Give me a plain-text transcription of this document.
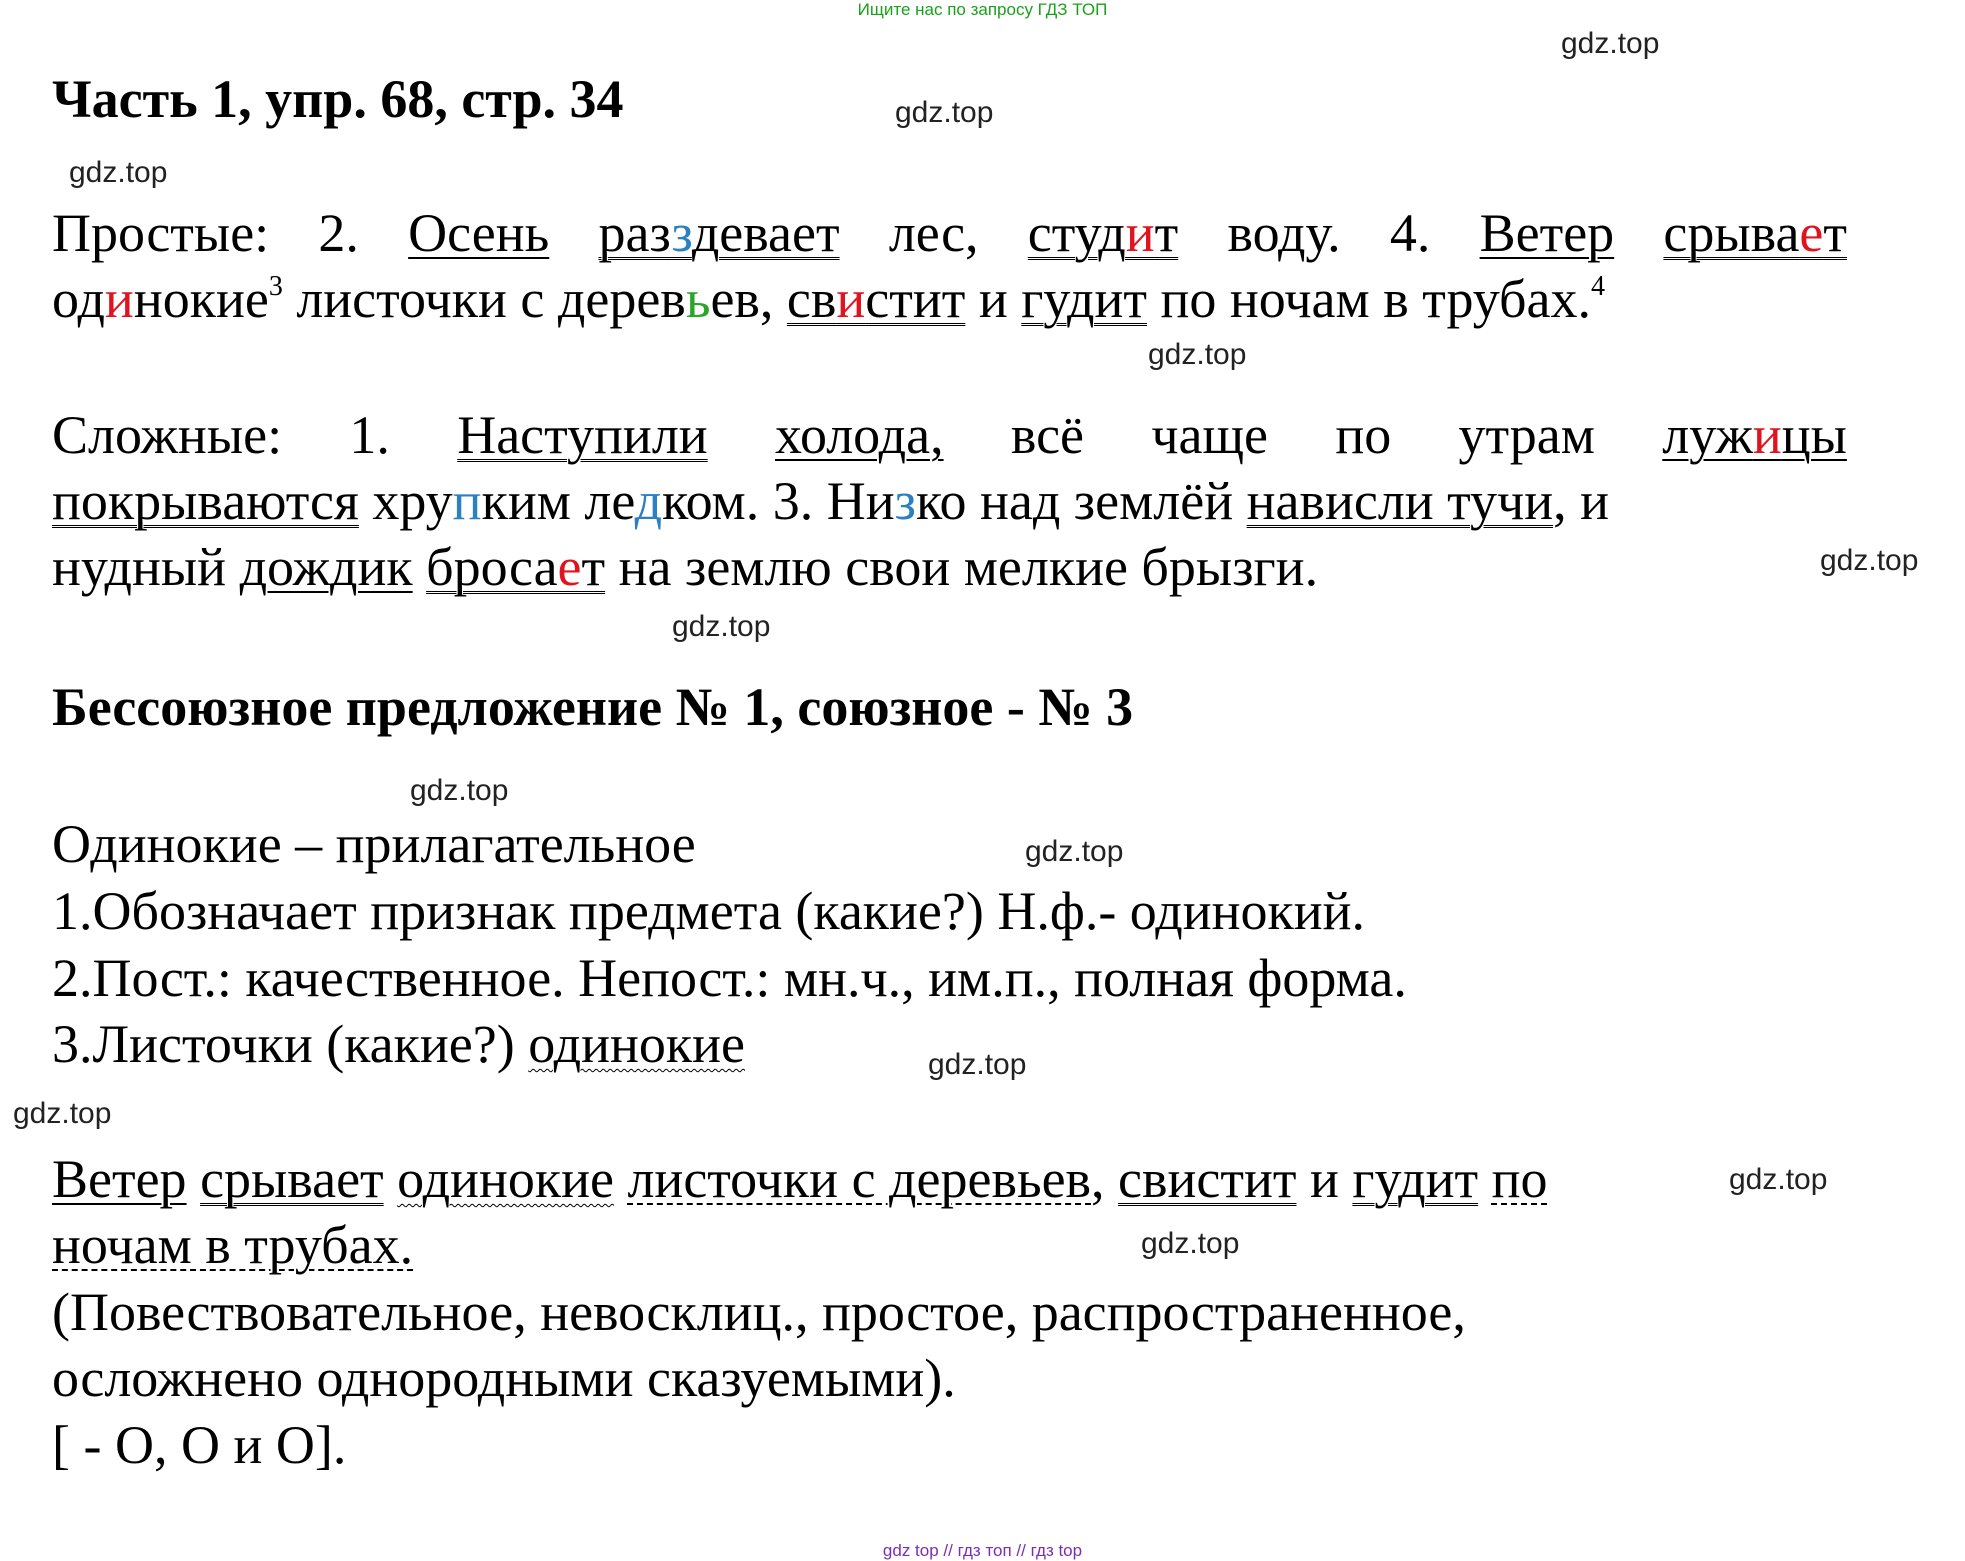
Ищите нас по запросу ГДЗ ТОП
gdz.top
gdz.top
gdz.top
gdz.top
gdz.top
gdz.top
gdz.top
gdz.top
gdz.top
gdz.top
gdz.top
gdz.top
Часть 1, упр. 68, стр. 34
Простые: 2. Осень разздевает лес, студит воду. 4. Ветер срывает
одинокие$^3$ листочки с деревьев, свистит и гудит по ночам в трубах.$^4$
Сложные: 1. Наступили холода, всё чаще по утрам лужицы
покрываются хрупким ледком. 3. Низко над землёй нависли тучи, и
нудный дождик бросает на землю свои мелкие брызги.
Бессоюзное предложение № 1, союзное - № 3
Одинокие – прилагательное
1.Обозначает признак предмета (какие?) Н.ф.- одинокий.
2.Пост.: качественное. Непост.: мн.ч., им.п., полная форма.
3.Листочки (какие?) одинокие
Ветер срывает одинокие листочки с деревьев, свистит и гудит по
ночам в трубах.
(Повествовательное, невосклиц., простое, распространенное,
осложнено однородными сказуемыми).
[ - О, О и О].
gdz top // гдз топ // гдз top
